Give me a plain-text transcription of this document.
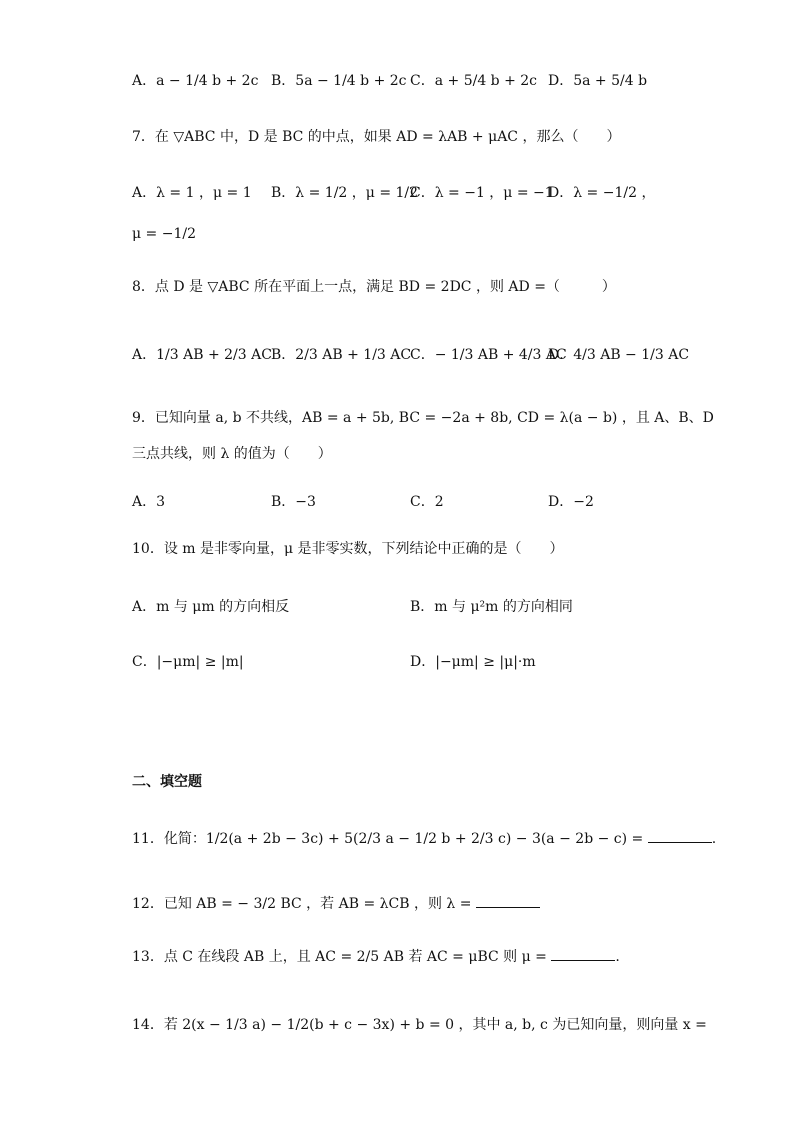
A．a − 1/4 b + 2c B．5a − 1/4 b + 2c C．a + 5/4 b + 2c D．5a + 5/4 b
7．在 ▽ABC 中，D 是 BC 的中点，如果 AD = λAB + μAC ，那么（　　）
A．λ = 1 ，μ = 1 B．λ = 1/2 ，μ = 1/2
C．λ = −1 ，μ = −1
D．λ = −1/2 ，
μ = −1/2
8．点 D 是 ▽ABC 所在平面上一点，满足 BD = 2DC ，则 AD =（　　　）
A．1/3 AB + 2/3 AC B．2/3 AB + 1/3 AC
C．− 1/3 AB + 4/3 AC
D．4/3 AB − 1/3 AC
9．已知向量 a, b 不共线，AB = a + 5b, BC = −2a + 8b, CD = λ(a − b) ，且 A、B、D
三点共线，则 λ 的值为（　　）
A．3	B．−3	C．2	D．−2
10．设 m 是非零向量，μ 是非零实数，下列结论中正确的是（　　）
A．m 与 μm 的方向相反	B．m 与 μ²m 的方向相同
C．|−μm| ≥ |m|	D．|−μm| ≥ |μ|·m
二、填空题
11．化简：1/2(a + 2b − 3c) + 5(2/3 a − 1/2 b + 2/3 c) − 3(a − 2b − c) =	.
12．已知 AB = − 3/2 BC ，若 AB = λCB ，则 λ =
13．点 C 在线段 AB 上，且 AC = 2/5 AB 若 AC = μBC 则 μ =	.
14．若 2(x − 1/3 a) − 1/2(b + c − 3x) + b = 0 ，其中 a, b, c 为已知向量，则向量 x =
